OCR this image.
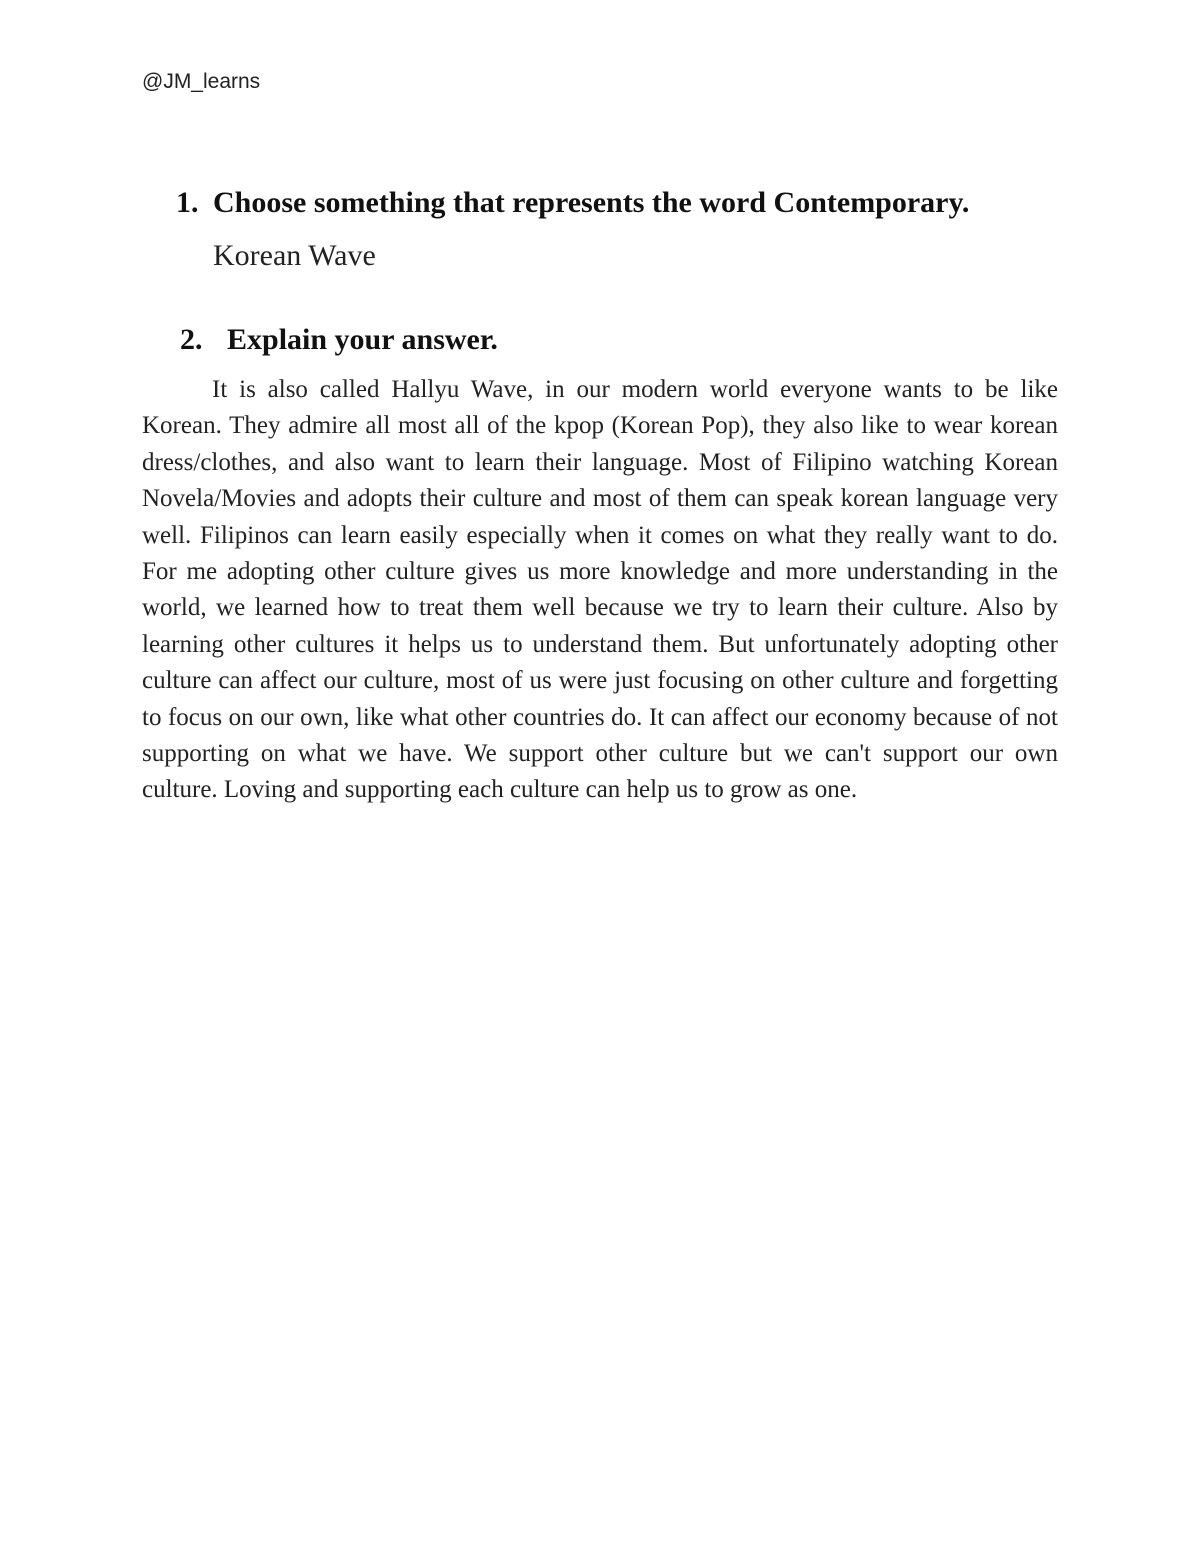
@JM_learns
1. Choose something that represents the word Contemporary.
Korean Wave
2. Explain your answer.

It is also called Hallyu Wave, in our modern world everyone wants to be like Korean. They admire all most all of the kpop (Korean Pop), they also like to wear korean dress/clothes, and also want to learn their language. Most of Filipino watching Korean Novela/Movies and adopts their culture and most of them can speak korean language very well. Filipinos can learn easily especially when it comes on what they really want to do. For me adopting other culture gives us more knowledge and more understanding in the world, we learned how to treat them well because we try to learn their culture. Also by learning other cultures it helps us to understand them. But unfortunately adopting other culture can affect our culture, most of us were just focusing on other culture and forgetting to focus on our own, like what other countries do. It can affect our economy because of not supporting on what we have. We support other culture but we can't support our own culture. Loving and supporting each culture can help us to grow as one.
